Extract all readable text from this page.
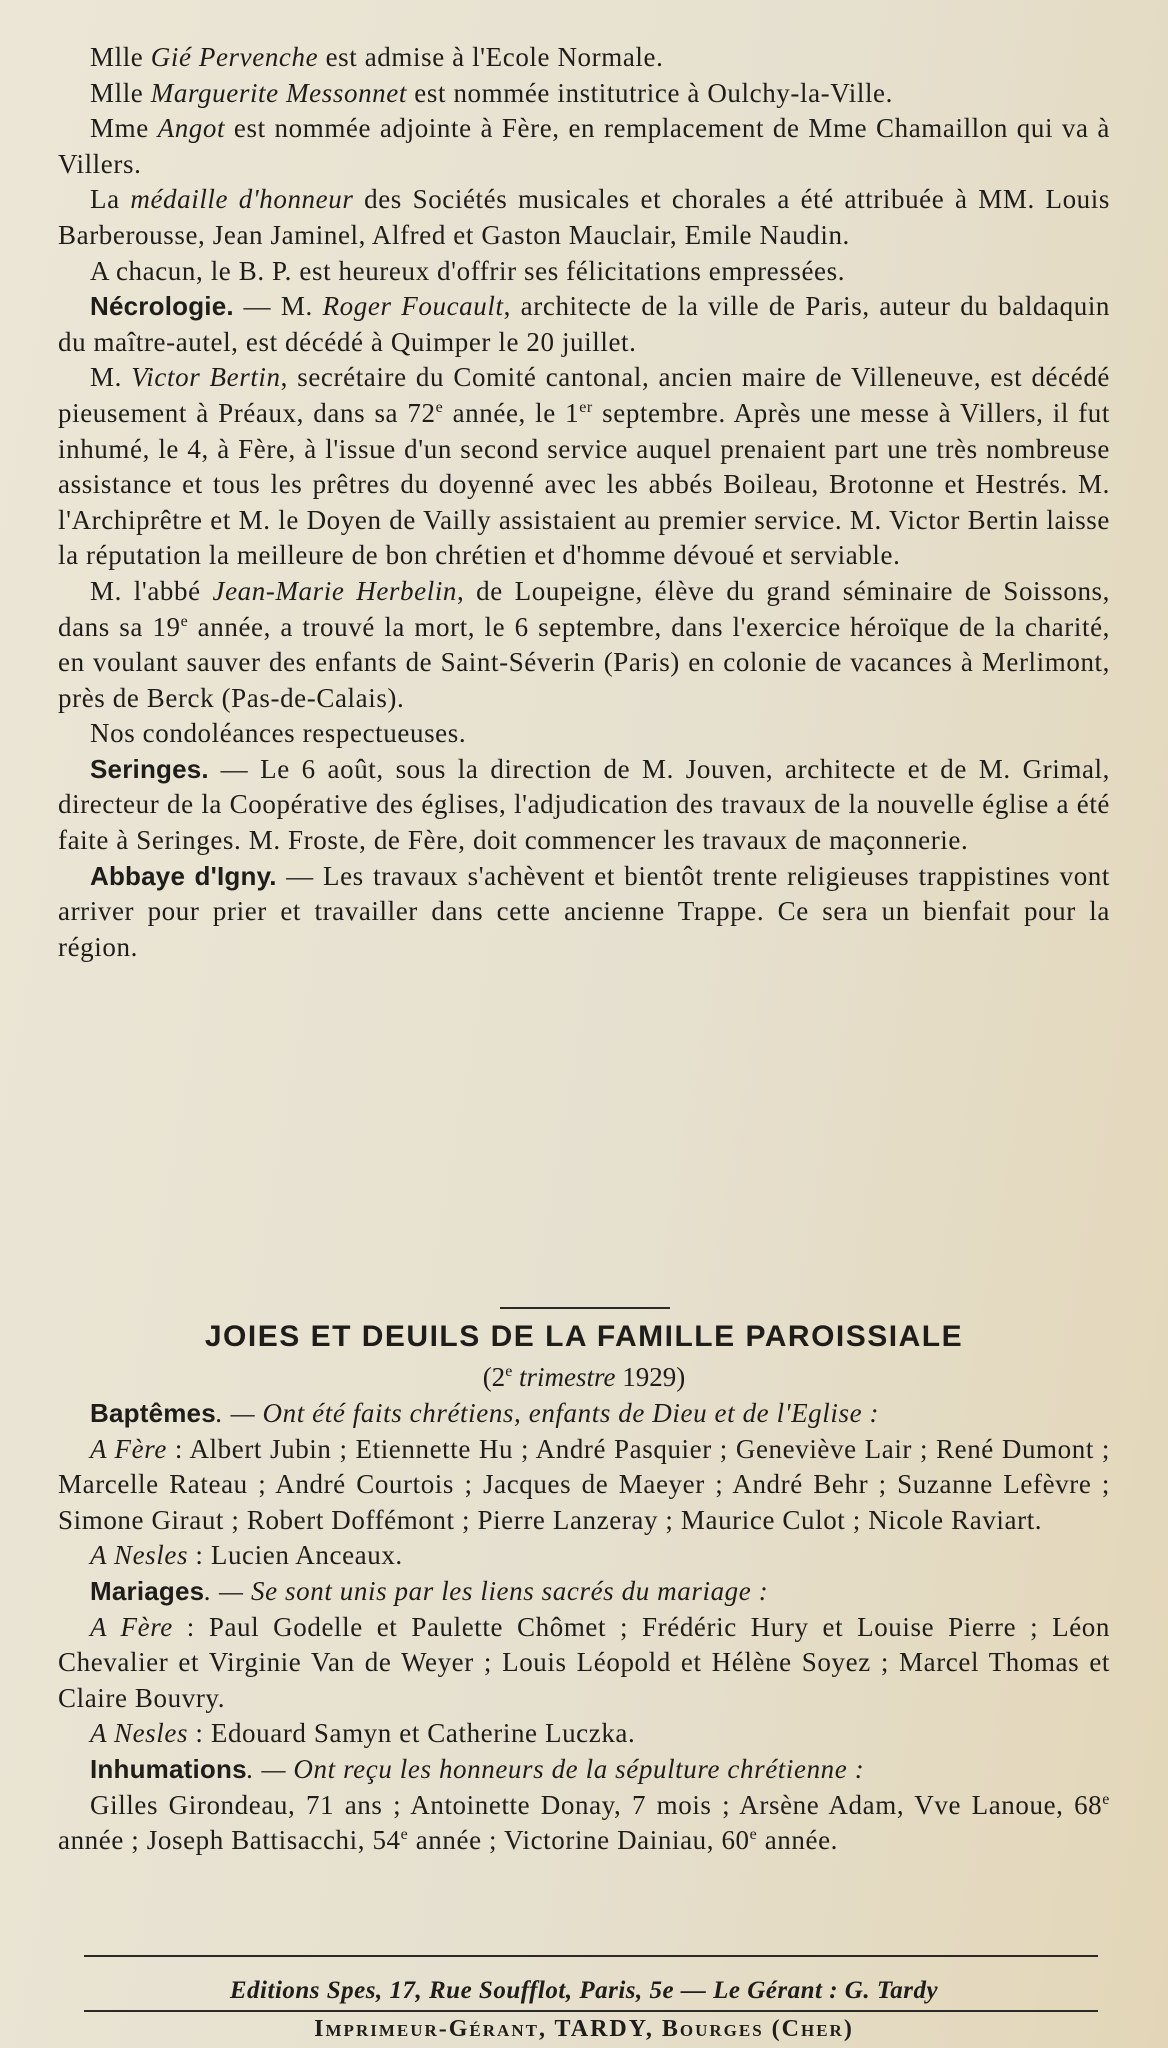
Mlle Gié Pervenche est admise à l'Ecole Normale.

Mlle Marguerite Messonnet est nommée institutrice à Oulchy-la-Ville.

Mme Angot est nommée adjointe à Fère, en remplacement de Mme Chamaillon qui va à Villers.

La médaille d'honneur des Sociétés musicales et chorales a été attribuée à MM. Louis Barberousse, Jean Jaminel, Alfred et Gaston Mauclair, Emile Naudin.

A chacun, le B. P. est heureux d'offrir ses félicitations empressées.

Nécrologie. — M. Roger Foucault, architecte de la ville de Paris, auteur du baldaquin du maître-autel, est décédé à Quimper le 20 juillet.

M. Victor Bertin, secrétaire du Comité cantonal, ancien maire de Villeneuve, est décédé pieusement à Préaux, dans sa 72e année, le 1er septembre. Après une messe à Villers, il fut inhumé, le 4, à Fère, à l'issue d'un second service auquel prenaient part une très nombreuse assistance et tous les prêtres du doyenné avec les abbés Boileau, Brotonne et Hestrés. M. l'Archiprêtre et M. le Doyen de Vailly assistaient au premier service. M. Victor Bertin laisse la réputation la meilleure de bon chrétien et d'homme dévoué et serviable.

M. l'abbé Jean-Marie Herbelin, de Loupeigne, élève du grand séminaire de Soissons, dans sa 19e année, a trouvé la mort, le 6 septembre, dans l'exercice héroïque de la charité, en voulant sauver des enfants de Saint-Séverin (Paris) en colonie de vacances à Merlimont, près de Berck (Pas-de-Calais).

Nos condoléances respectueuses.

Seringes. — Le 6 août, sous la direction de M. Jouven, architecte et de M. Grimal, directeur de la Coopérative des églises, l'adjudication des travaux de la nouvelle église a été faite à Seringes. M. Froste, de Fère, doit commencer les travaux de maçonnerie.

Abbaye d'Igny. — Les travaux s'achèvent et bientôt trente religieuses trappistines vont arriver pour prier et travailler dans cette ancienne Trappe. Ce sera un bienfait pour la région.

JOIES ET DEUILS DE LA FAMILLE PAROISSIALE
(2e trimestre 1929)

Baptêmes. — Ont été faits chrétiens, enfants de Dieu et de l'Eglise :

A Fère : Albert Jubin ; Etiennette Hu ; André Pasquier ; Geneviève Lair ; René Dumont ; Marcelle Rateau ; André Courtois ; Jacques de Maeyer ; André Behr ; Suzanne Lefèvre ; Simone Giraut ; Robert Doffémont ; Pierre Lanzeray ; Maurice Culot ; Nicole Raviart.

A Nesles : Lucien Anceaux.

Mariages. — Se sont unis par les liens sacrés du mariage :

A Fère : Paul Godelle et Paulette Chômet ; Frédéric Hury et Louise Pierre ; Léon Chevalier et Virginie Van de Weyer ; Louis Léopold et Hélène Soyez ; Marcel Thomas et Claire Bouvry.

A Nesles : Edouard Samyn et Catherine Luczka.

Inhumations. — Ont reçu les honneurs de la sépulture chrétienne :

Gilles Girondeau, 71 ans ; Antoinette Donay, 7 mois ; Arsène Adam, Vve Lanoue, 68e année ; Joseph Battisacchi, 54e année ; Victorine Dainiau, 60e année.

Editions Spes, 17, Rue Soufflot, Paris, 5e — Le Gérant : G. Tardy
Imprimeur-Gérant, TARDY, Bourges (Cher)
